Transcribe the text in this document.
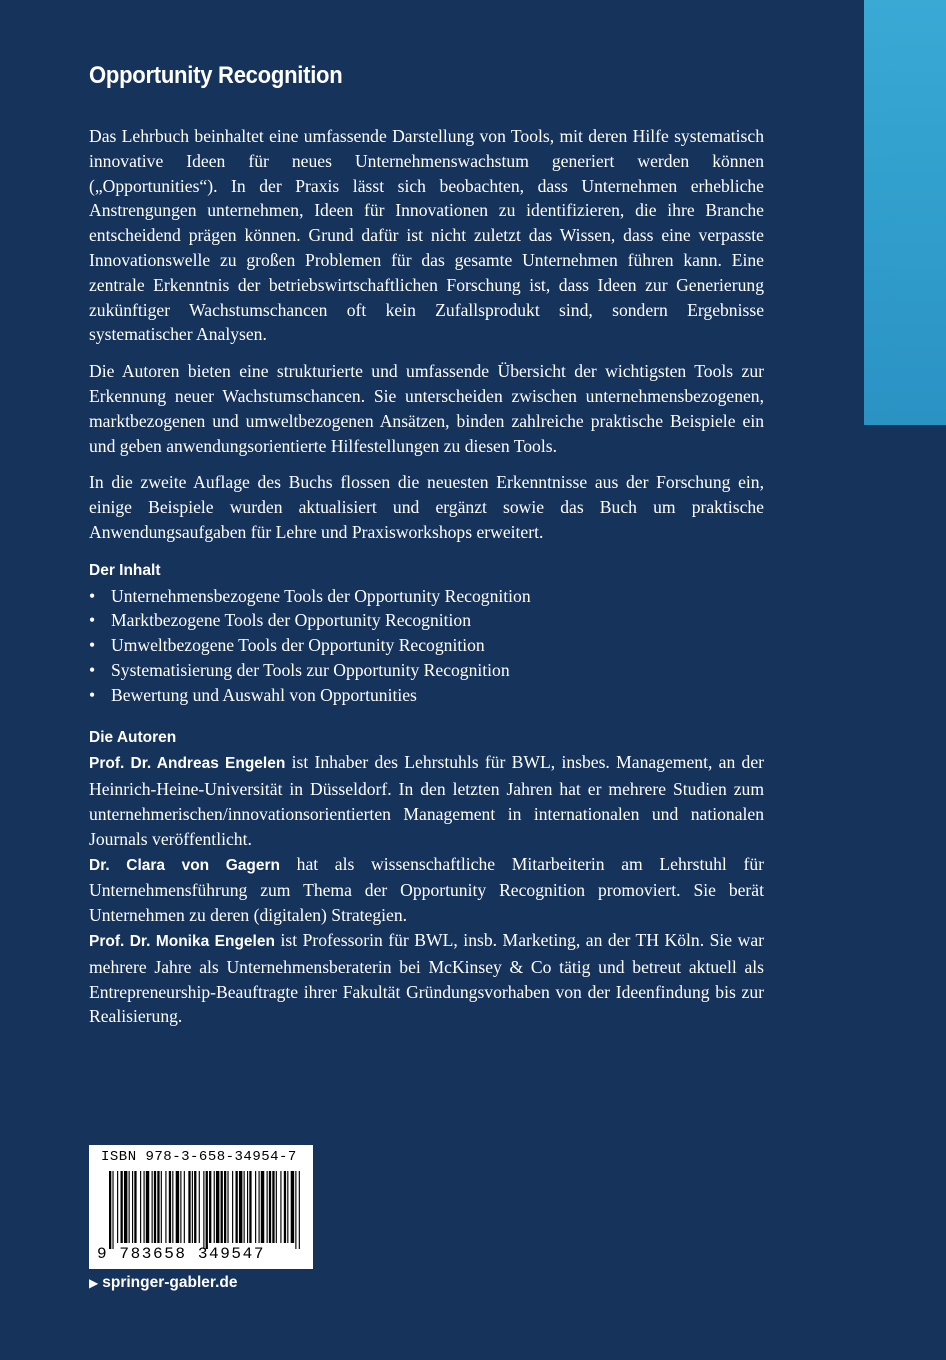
Opportunity Recognition

Das Lehrbuch beinhaltet eine umfassende Darstellung von Tools, mit deren Hilfe systematisch innovative Ideen für neues Unternehmenswachstum generiert werden können („Opportunities“). In der Praxis lässt sich beobachten, dass Unternehmen erhebliche Anstrengungen unternehmen, Ideen für Innovationen zu identifizieren, die ihre Branche entscheidend prägen können. Grund dafür ist nicht zuletzt das Wissen, dass eine verpasste Innovationswelle zu großen Problemen für das gesamte Unternehmen führen kann. Eine zentrale Erkenntnis der betriebswirtschaftlichen Forschung ist, dass Ideen zur Generierung zukünftiger Wachstumschancen oft kein Zufallsprodukt sind, sondern Ergebnisse systematischer Analysen.

Die Autoren bieten eine strukturierte und umfassende Übersicht der wichtigsten Tools zur Erkennung neuer Wachstumschancen. Sie unterscheiden zwischen unternehmensbezogenen, marktbezogenen und umweltbezogenen Ansätzen, binden zahlreiche praktische Beispiele ein und geben anwendungsorientierte Hilfestellungen zu diesen Tools.

In die zweite Auflage des Buchs flossen die neuesten Erkenntnisse aus der Forschung ein, einige Beispiele wurden aktualisiert und ergänzt sowie das Buch um praktische Anwendungsaufgaben für Lehre und Praxisworkshops erweitert.

Der Inhalt
• Unternehmensbezogene Tools der Opportunity Recognition
• Marktbezogene Tools der Opportunity Recognition
• Umweltbezogene Tools der Opportunity Recognition
• Systematisierung der Tools zur Opportunity Recognition
• Bewertung und Auswahl von Opportunities
Die Autoren

Prof. Dr. Andreas Engelen ist Inhaber des Lehrstuhls für BWL, insbes. Management, an der Heinrich-Heine-Universität in Düsseldorf. In den letzten Jahren hat er mehrere Studien zum unternehmerischen/innovationsorientierten Management in internationalen und nationalen Journals veröffentlicht.

Dr. Clara von Gagern hat als wissenschaftliche Mitarbeiterin am Lehrstuhl für Unternehmensführung zum Thema der Opportunity Recognition promoviert. Sie berät Unternehmen zu deren (digitalen) Strategien.

Prof. Dr. Monika Engelen ist Professorin für BWL, insb. Marketing, an der TH Köln. Sie war mehrere Jahre als Unternehmensberaterin bei McKinsey & Co tätig und betreut aktuell als Entrepreneurship-Beauftragte ihrer Fakultät Gründungsvorhaben von der Ideenfindung bis zur Realisierung.

ISBN 978-3-658-34954-7
9 783658 349547
▶ springer-gabler.de
